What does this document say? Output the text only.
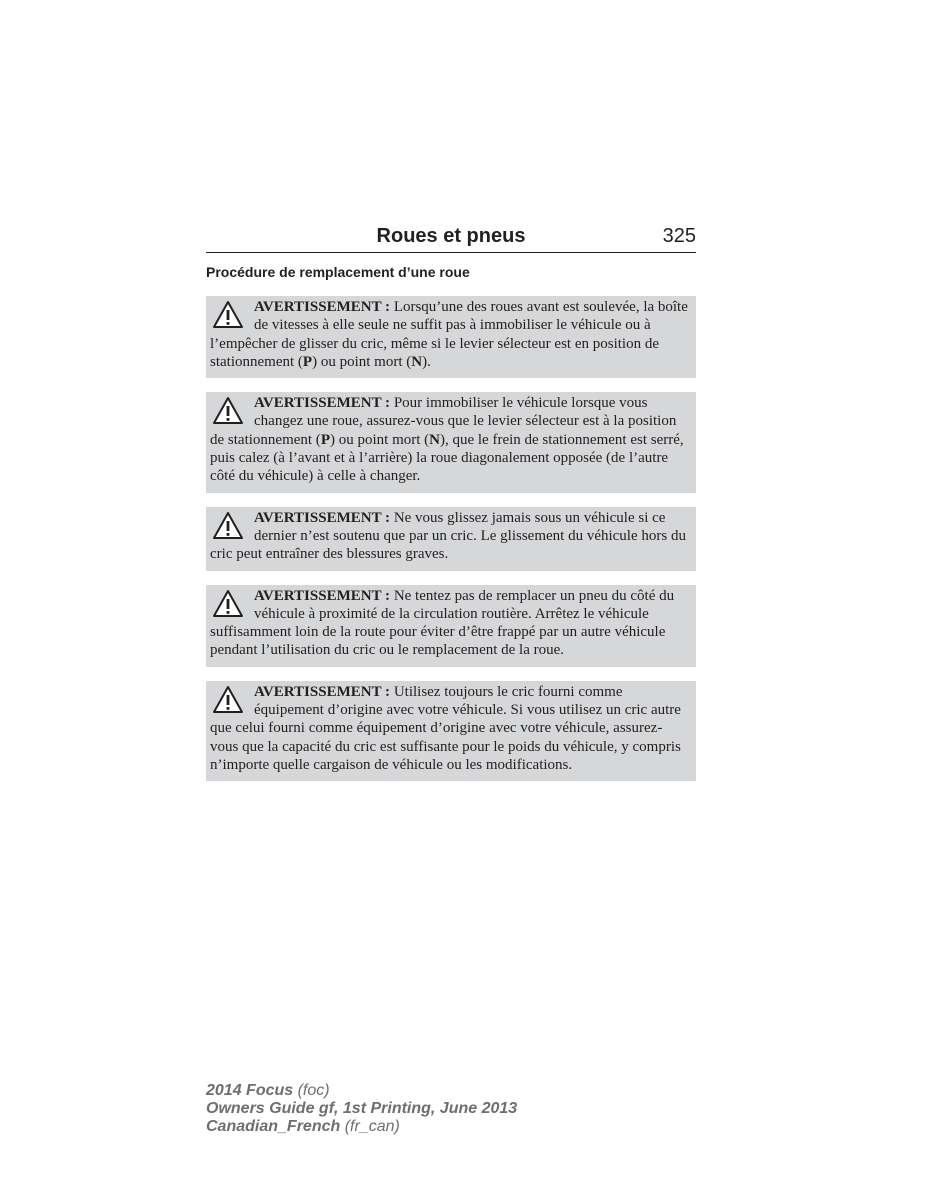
Roues et pneus	325
Procédure de remplacement d’une roue
AVERTISSEMENT : Lorsqu’une des roues avant est soulevée, la boîte de vitesses à elle seule ne suffit pas à immobiliser le véhicule ou à l’empêcher de glisser du cric, même si le levier sélecteur est en position de stationnement (P) ou point mort (N).
AVERTISSEMENT : Pour immobiliser le véhicule lorsque vous changez une roue, assurez-vous que le levier sélecteur est à la position de stationnement (P) ou point mort (N), que le frein de stationnement est serré, puis calez (à l’avant et à l’arrière) la roue diagonalement opposée (de l’autre côté du véhicule) à celle à changer.
AVERTISSEMENT : Ne vous glissez jamais sous un véhicule si ce dernier n’est soutenu que par un cric. Le glissement du véhicule hors du cric peut entraîner des blessures graves.
AVERTISSEMENT : Ne tentez pas de remplacer un pneu du côté du véhicule à proximité de la circulation routière. Arrêtez le véhicule suffisamment loin de la route pour éviter d’être frappé par un autre véhicule pendant l’utilisation du cric ou le remplacement de la roue.
AVERTISSEMENT : Utilisez toujours le cric fourni comme équipement d’origine avec votre véhicule. Si vous utilisez un cric autre que celui fourni comme équipement d’origine avec votre véhicule, assurez-vous que la capacité du cric est suffisante pour le poids du véhicule, y compris n’importe quelle cargaison de véhicule ou les modifications.
2014 Focus (foc)
Owners Guide gf, 1st Printing, June 2013
Canadian_French (fr_can)
